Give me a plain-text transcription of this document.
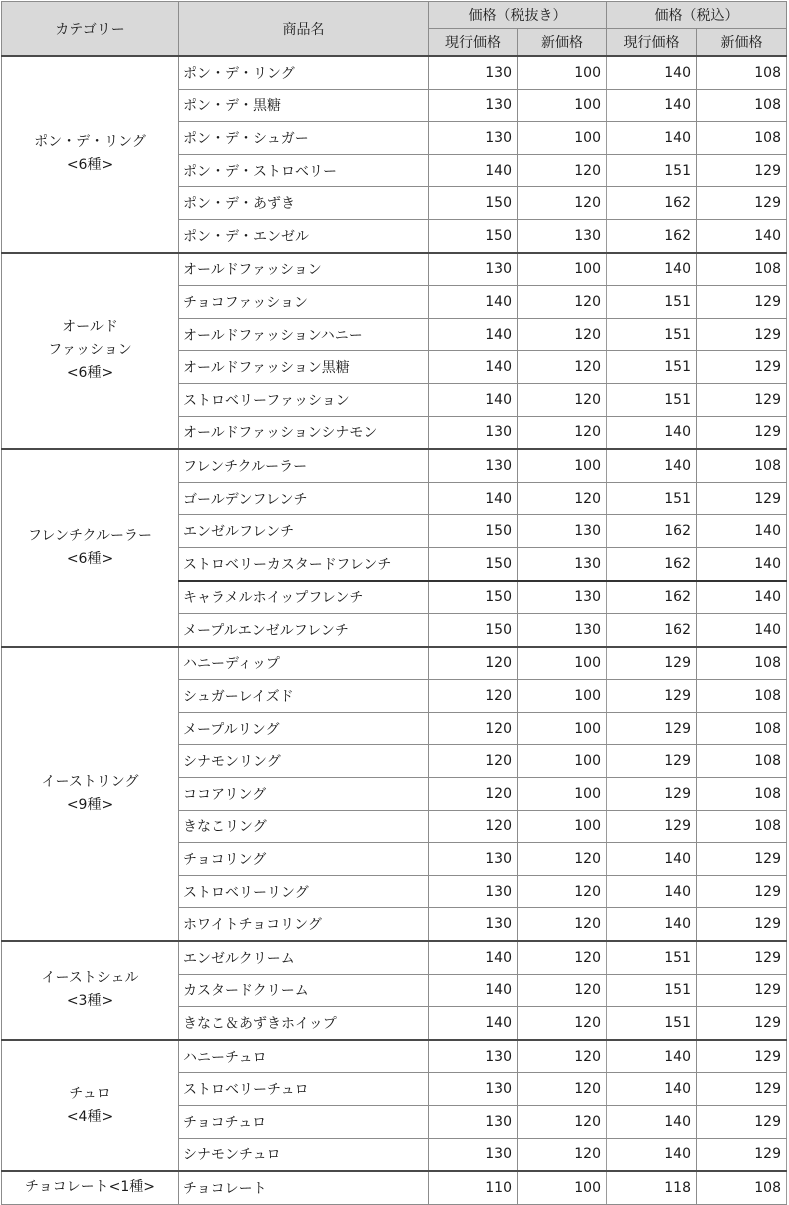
カテゴリー	商品名	価格（税抜き）		価格（税込）	
		現行価格	新価格	現行価格	新価格
ポン・デ・リング
<6種>	ポン・デ・リング	130	100	140	108
	ポン・デ・黒糖	130	100	140	108
	ポン・デ・シュガー	130	100	140	108
	ポン・デ・ストロベリー	140	120	151	129
	ポン・デ・あずき	150	120	162	129
	ポン・デ・エンゼル	150	130	162	140
オールド
ファッション
<6種>	オールドファッション	130	100	140	108
	チョコファッション	140	120	151	129
	オールドファッションハニー	140	120	151	129
	オールドファッション黒糖	140	120	151	129
	ストロベリーファッション	140	120	151	129
	オールドファッションシナモン	130	120	140	129
フレンチクルーラー
<6種>	フレンチクルーラー	130	100	140	108
	ゴールデンフレンチ	140	120	151	129
	エンゼルフレンチ	150	130	162	140
	ストロベリーカスタードフレンチ	150	130	162	140
	キャラメルホイップフレンチ	150	130	162	140
	メープルエンゼルフレンチ	150	130	162	140
イーストリング
<9種>	ハニーディップ	120	100	129	108
	シュガーレイズド	120	100	129	108
	メープルリング	120	100	129	108
	シナモンリング	120	100	129	108
	ココアリング	120	100	129	108
	きなこリング	120	100	129	108
	チョコリング	130	120	140	129
	ストロベリーリング	130	120	140	129
	ホワイトチョコリング	130	120	140	129
イーストシェル
<3種>	エンゼルクリーム	140	120	151	129
	カスタードクリーム	140	120	151	129
	きなこ＆あずきホイップ	140	120	151	129
チュロ
<4種>	ハニーチュロ	130	120	140	129
	ストロベリーチュロ	130	120	140	129
	チョコチュロ	130	120	140	129
	シナモンチュロ	130	120	140	129
チョコレート<1種>	チョコレート	110	100	118	108
